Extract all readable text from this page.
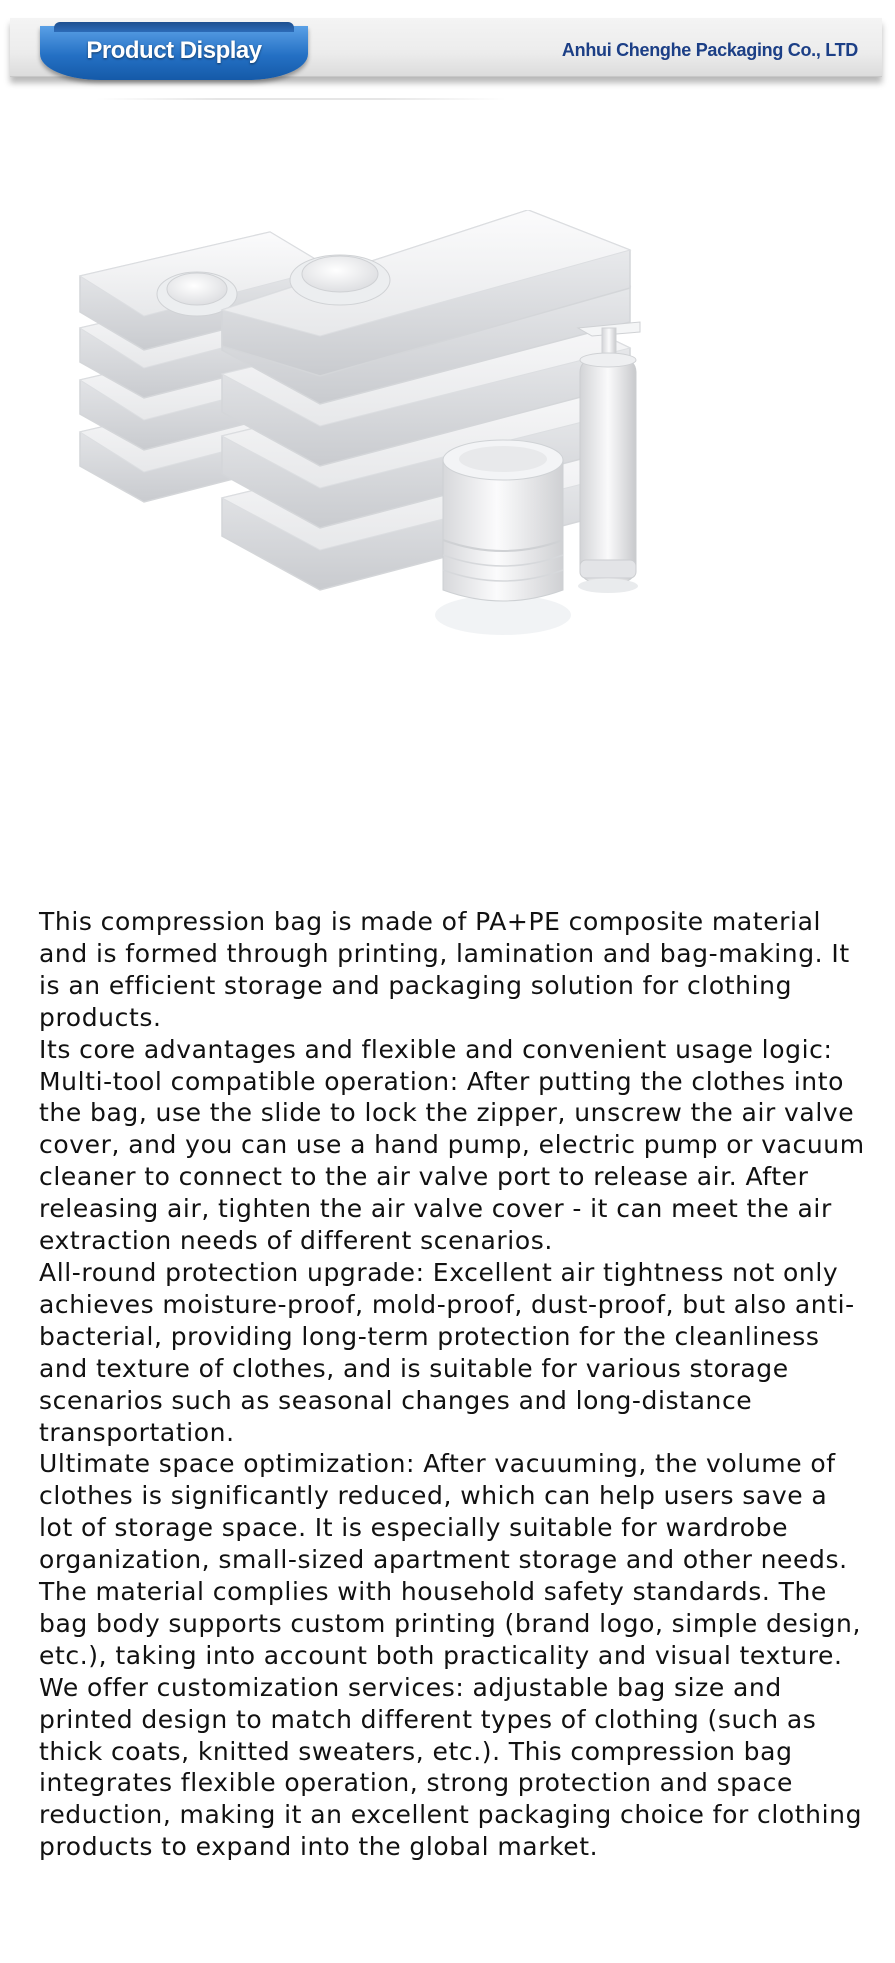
Product Display	Anhui Chenghe Packaging Co., LTD

This compression bag is made of PA+PE composite material and is formed through printing, lamination and bag-making. It is an efficient storage and packaging solution for clothing products.

Its core advantages and flexible and convenient usage logic:

Multi-tool compatible operation: After putting the clothes into the bag, use the slide to lock the zipper, unscrew the air valve cover, and you can use a hand pump, electric pump or vacuum cleaner to connect to the air valve port to release air. After releasing air, tighten the air valve cover - it can meet the air extraction needs of different scenarios.

All-round protection upgrade: Excellent air tightness not only achieves moisture-proof, mold-proof, dust-proof, but also anti-bacterial, providing long-term protection for the cleanliness and texture of clothes, and is suitable for various storage scenarios such as seasonal changes and long-distance transportation.

Ultimate space optimization: After vacuuming, the volume of clothes is significantly reduced, which can help users save a lot of storage space. It is especially suitable for wardrobe organization, small-sized apartment storage and other needs.

The material complies with household safety standards. The bag body supports custom printing (brand logo, simple design, etc.), taking into account both practicality and visual texture.

We offer customization services: adjustable bag size and printed design to match different types of clothing (such as thick coats, knitted sweaters, etc.). This compression bag integrates flexible operation, strong protection and space reduction, making it an excellent packaging choice for clothing products to expand into the global market.
